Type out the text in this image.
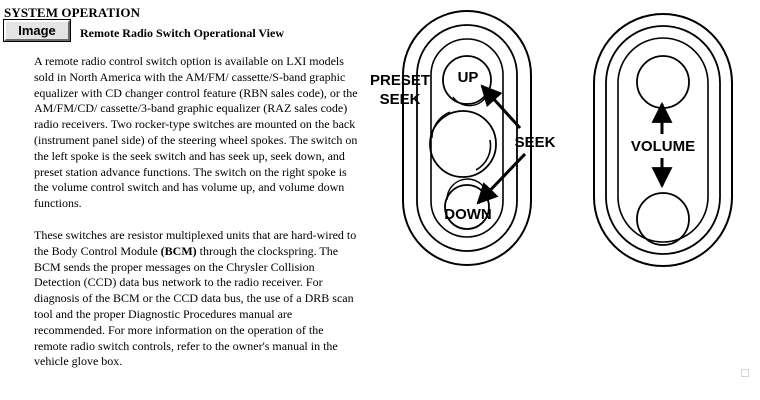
SYSTEM OPERATION
Image	Remote Radio Switch Operational View

A remote radio control switch option is available on LXI models sold in North America with the AM/FM/ cassette/S-band graphic equalizer with CD changer control feature (RBN sales code), or the AM/FM/CD/ cassette/3-band graphic equalizer (RAZ sales code) radio receivers. Two rocker-type switches are mounted on the back (instrument panel side) of the steering wheel spokes. The switch on the left spoke is the seek switch and has seek up, seek down, and preset station advance functions. The switch on the right spoke is the volume control switch and has volume up, and volume down functions.

These switches are resistor multiplexed units that are hard-wired to the Body Control Module (BCM) through the clockspring. The BCM sends the proper messages on the Chrysler Collision Detection (CCD) data bus network to the radio receiver. For diagnosis of the BCM or the CCD data bus, the use of a DRB scan tool and the proper Diagnostic Procedures manual are recommended. For more information on the operation of the remote radio switch controls, refer to the owner's manual in the vehicle glove box.

UP
PRESET
SEEK
SEEK
DOWN
VOLUME
